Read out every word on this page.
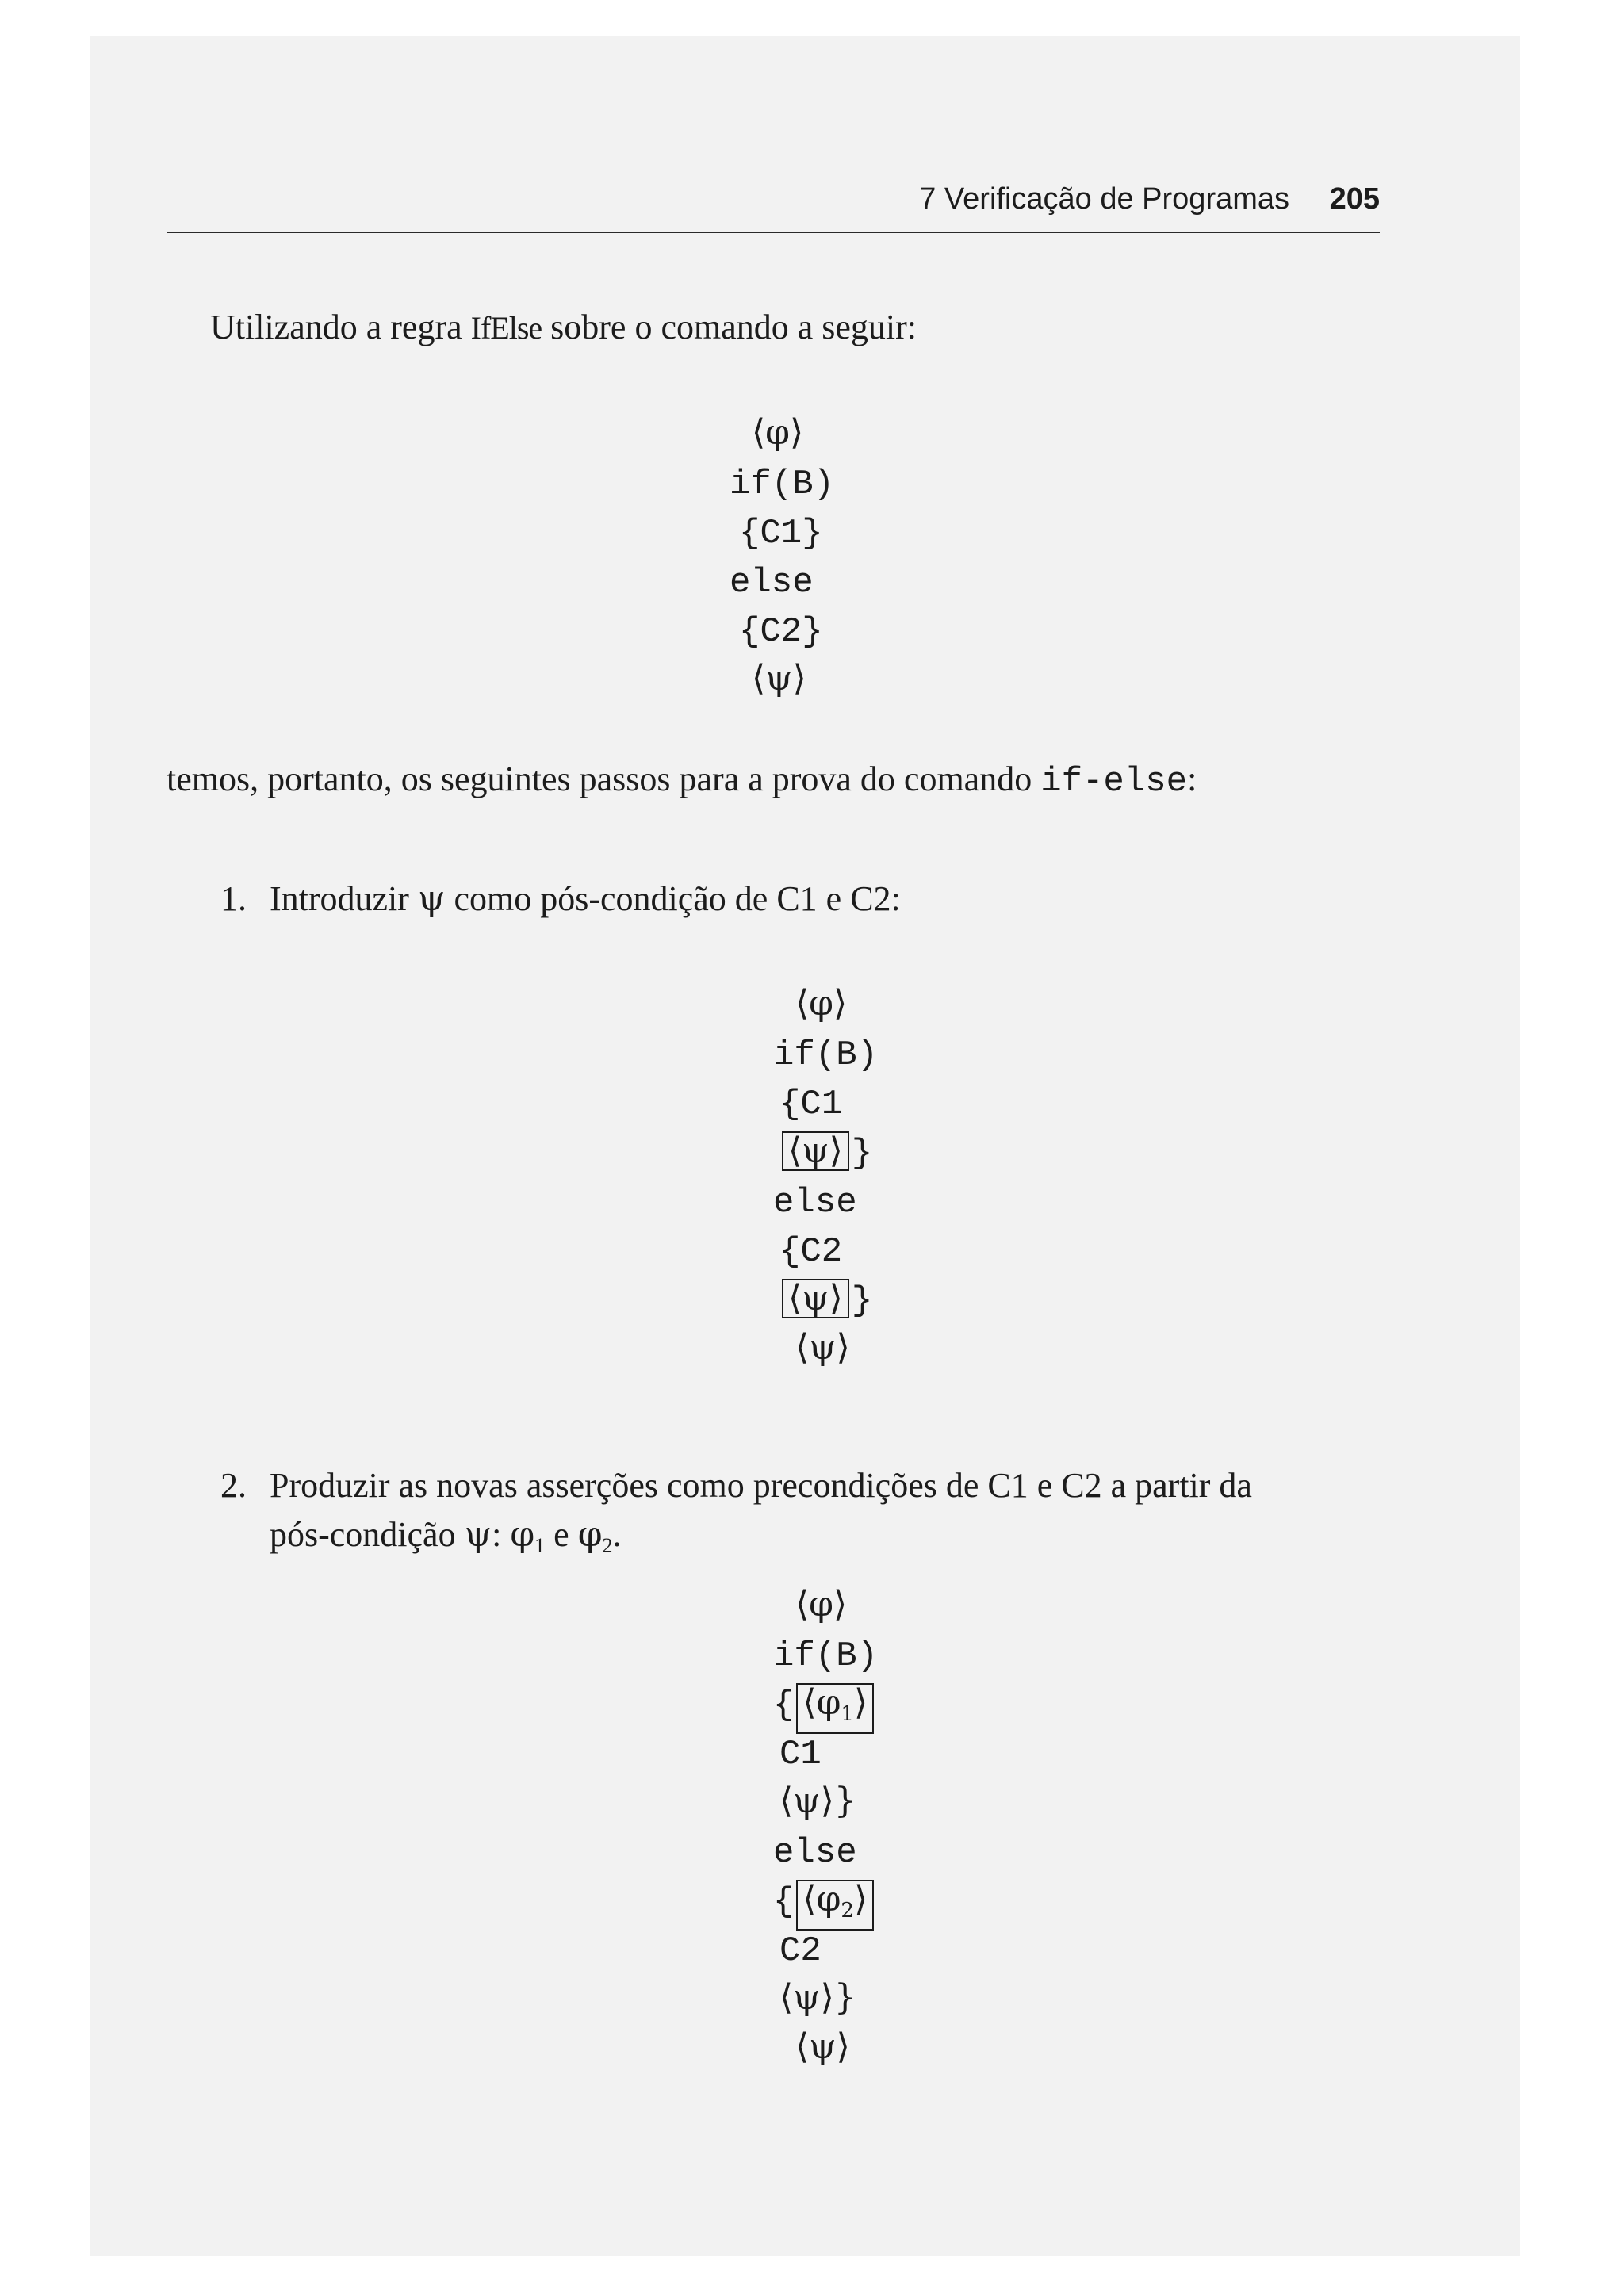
7 Verificação de Programas 205
Utilizando a regra IfElse sobre o comando a seguir:
⟨φ⟩
if(B)
{C1}
else
{C2}
⟨ψ⟩
temos, portanto, os seguintes passos para a prova do comando if-else:
1. Introduzir ψ como pós-condição de C1 e C2:
⟨φ⟩
if(B)
{C1
⟨ψ⟩ }
else
{C2
⟨ψ⟩ }
⟨ψ⟩
2. Produzir as novas asserções como precondições de C1 e C2 a partir da
pós-condição ψ: $\varphi_1$ e $\varphi_2$.
⟨φ⟩
if(B)
{ $⟨\varphi_1⟩$
C1
⟨ψ⟩}
else
{ $⟨\varphi_2⟩$
C2
⟨ψ⟩}
⟨ψ⟩
